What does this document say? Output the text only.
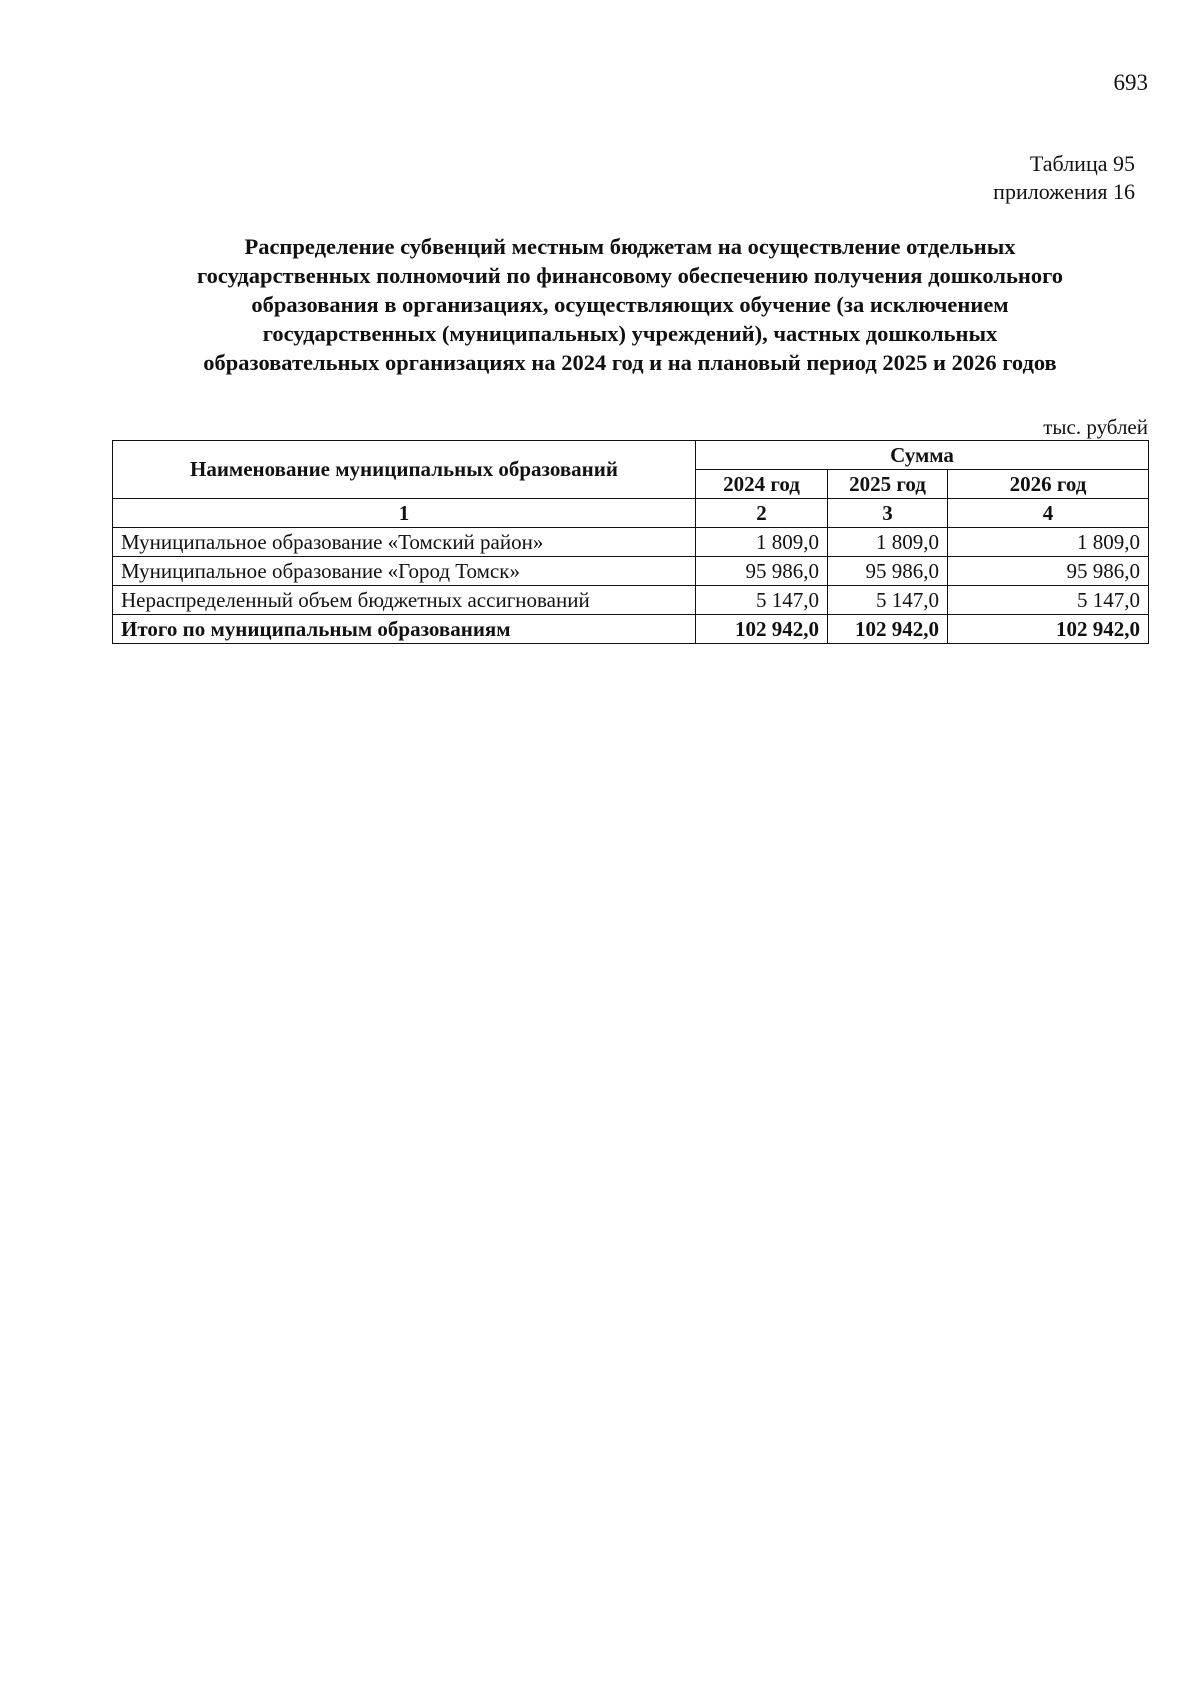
693
Таблица 95
приложения 16
Распределение субвенций местным бюджетам на осуществление отдельных
государственных полномочий по финансовому обеспечению получения дошкольного
образования в организациях, осуществляющих обучение (за исключением
государственных (муниципальных) учреждений), частных дошкольных
образовательных организациях на 2024 год и на плановый период 2025 и 2026 годов
тыс. рублей
Наименование муниципальных образований	Сумма		
	2024 год	2025 год	2026 год
1	2	3	4
Муниципальное образование «Томский район»	1 809,0	1 809,0	1 809,0
Муниципальное образование «Город Томск»	95 986,0	95 986,0	95 986,0
Нераспределенный объем бюджетных ассигнований	5 147,0	5 147,0	5 147,0
Итого по муниципальным образованиям	102 942,0	102 942,0	102 942,0
